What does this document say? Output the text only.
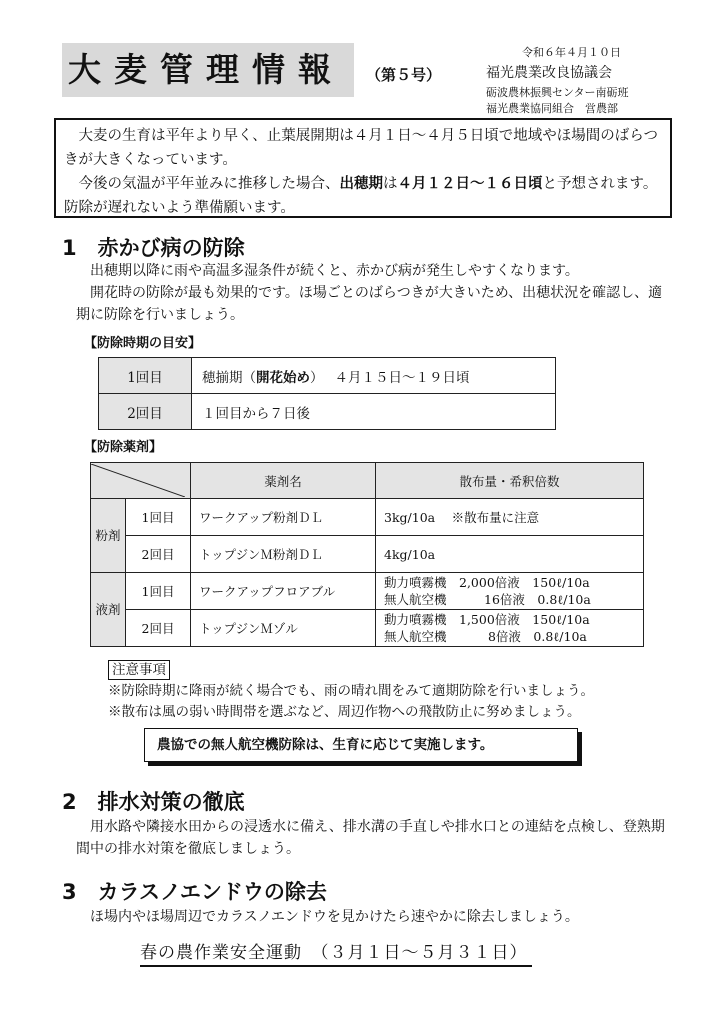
大麦管理情報	（第５号）
令和６年４月１０日
福光農業改良協議会
砺波農林振興センター南砺班
福光農業協同組合　営農部

　大麦の生育は平年より早く、止葉展開期は４月１日～４月５日頃で地域やほ場間のばらつきが大きくなっています。

　今後の気温が平年並みに推移した場合、出穂期は４月１２日～１６日頃と予想されます。防除が遅れないよう準備願います。

1　赤かび病の防除
　出穂期以降に雨や高温多湿条件が続くと、赤かび病が発生しやすくなります。
　開花時の防除が最も効果的です。ほ場ごとのばらつきが大きいため、出穂状況を確認し、適期に防除を行いましょう。
【防除時期の目安】
1回目	穂揃期（開花始め）　 ４月１５日～１９日頃
2回目	１回目から７日後
【防除薬剤】
	薬剤名	散布量・希釈倍数
粉剤	1回目	ワークアップ粉剤ＤＬ	3kg/10a　 ※散布量に注意
	2回目	トップジンＭ粉剤ＤＬ	4kg/10a
液剤	1回目	ワークアップフロアブル	動力噴霧機　2,000倍液　150ℓ/10a
無人航空機　　　16倍液　0.8ℓ/10a

	2回目	トップジンＭゾル	動力噴霧機　1,500倍液　150ℓ/10a
無人航空機　　　 8倍液　0.8ℓ/10a
注意事項
※防除時期に降雨が続く場合でも、雨の晴れ間をみて適期防除を行いましょう。
※散布は風の弱い時間帯を選ぶなど、周辺作物への飛散防止に努めましょう。
農協での無人航空機防除は、生育に応じて実施します。
2　排水対策の徹底
　用水路や隣接水田からの浸透水に備え、排水溝の手直しや排水口との連結を点検し、登熟期間中の排水対策を徹底しましょう。
3　カラスノエンドウの除去
　ほ場内やほ場周辺でカラスノエンドウを見かけたら速やかに除去しましょう。
春の農作業安全運動　（３月１日～５月３１日）
